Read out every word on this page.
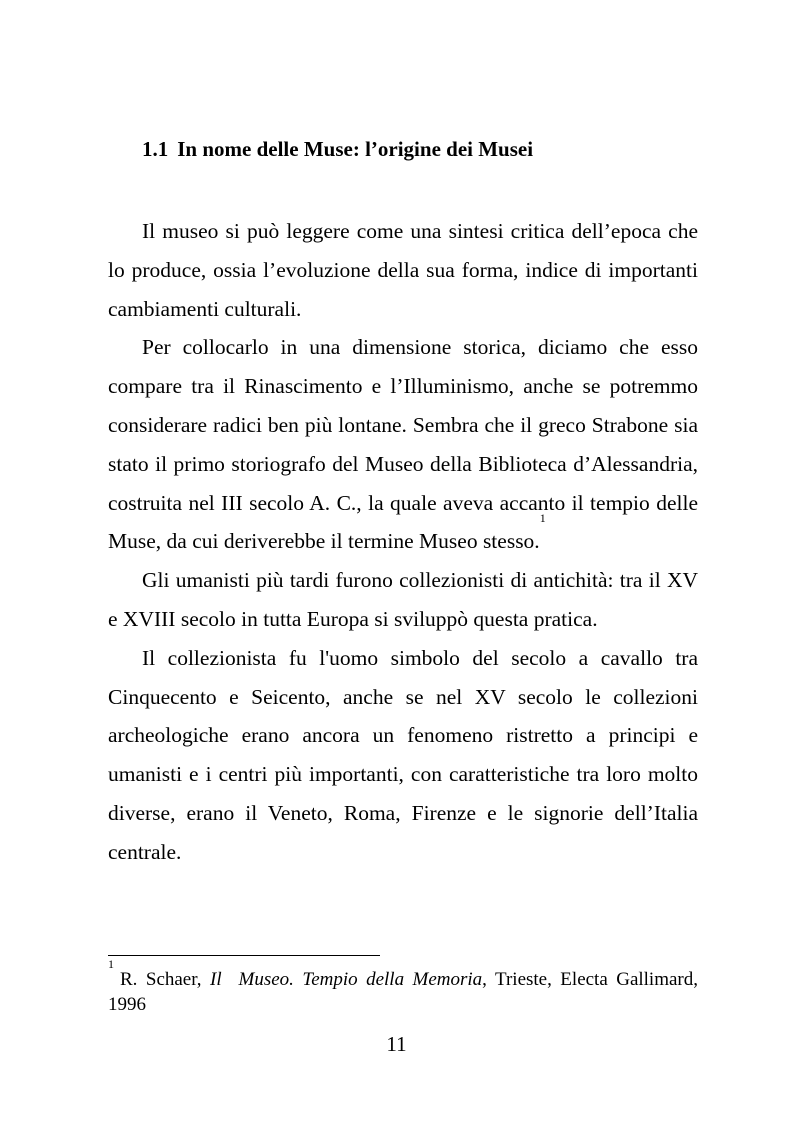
1.1 In nome delle Muse: l’origine dei Musei

Il museo si può leggere come una sintesi critica dell’epoca che lo produce, ossia l’evoluzione della sua forma, indice di importanti cambiamenti culturali.

Per collocarlo in una dimensione storica, diciamo che esso compare tra il Rinascimento e l’Illuminismo, anche se potremmo considerare radici ben più lontane. Sembra che il greco Strabone sia stato il primo storiografo del Museo della Biblioteca d’Alessandria, costruita nel III secolo A. C., la quale aveva accanto il tempio delle Muse, da cui deriverebbe il termine Museo stesso.$^1$

Gli umanisti più tardi furono collezionisti di antichità: tra il XV e XVIII secolo in tutta Europa si sviluppò questa pratica.

Il collezionista fu l'uomo simbolo del secolo a cavallo tra Cinquecento e Seicento, anche se nel XV secolo le collezioni archeologiche erano ancora un fenomeno ristretto a principi e umanisti e i centri più importanti, con caratteristiche tra loro molto diverse, erano il Veneto, Roma, Firenze e le signorie dell’Italia centrale.

$^1$R. Schaer, Il  Museo. Tempio della Memoria, Trieste, Electa Gallimard, 1996
11
